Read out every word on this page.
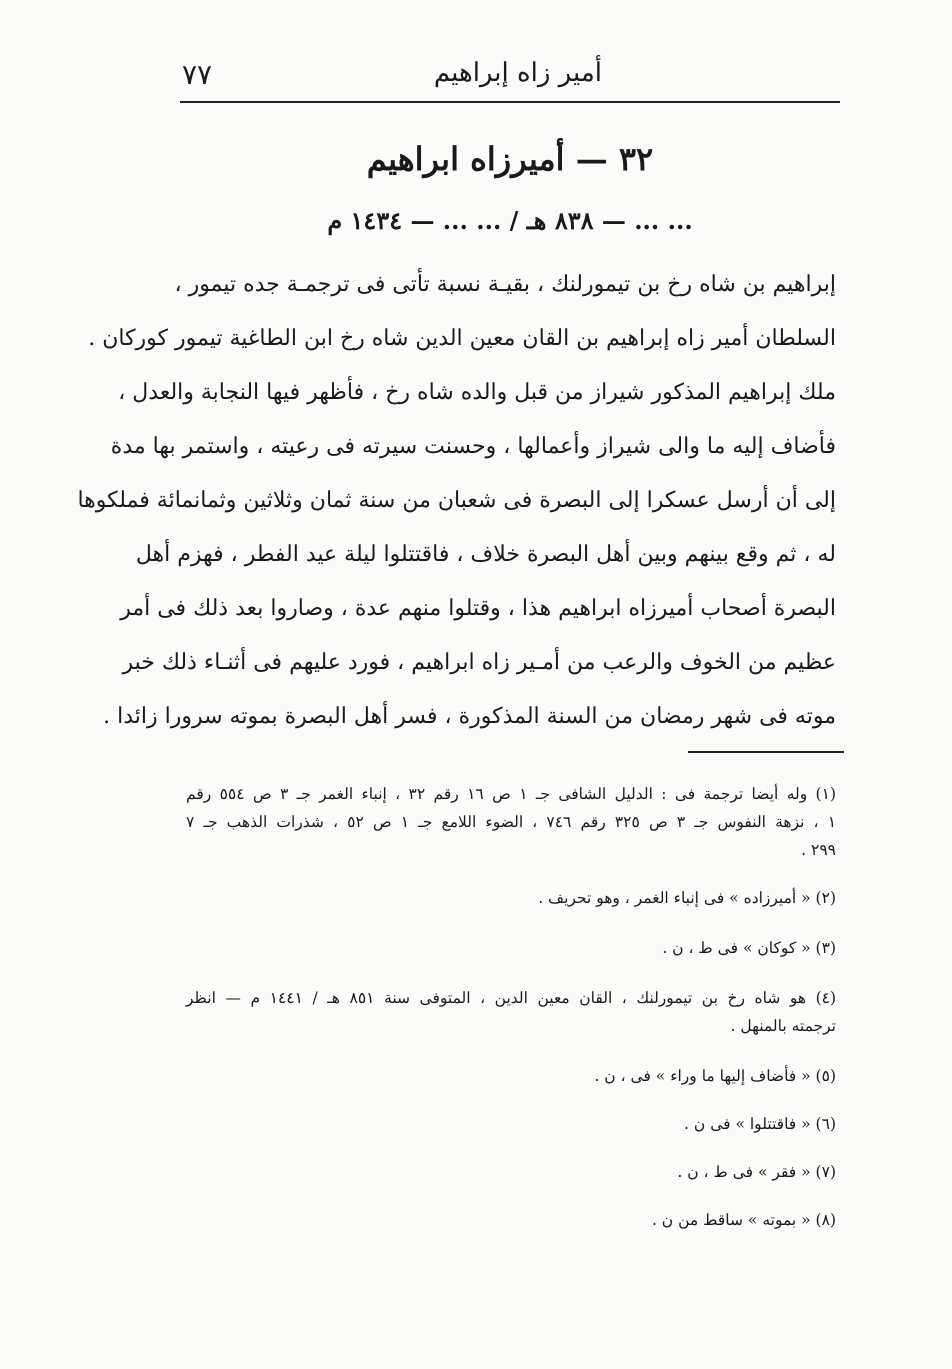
أمير زاه إبراهيم
٧٧
٣٢ — أميرزاه ابراهيم
... ... — ٨٣٨ هـ / ... ... — ١٤٣٤ م
إبراهيم بن شاه رخ بن تيمورلنك ، بقيـة نسبة تأتى فى ترجمـة جده تيمور ،
السلطان أمير زاه إبراهيم بن القان معين الدين شاه رخ ابن الطاغية تيمور كوركان .
ملك إبراهيم المذكور شيراز من قبل والده شاه رخ ، فأظهر فيها النجابة والعدل ،
فأضاف إليه ما والى شيراز وأعمالها ، وحسنت سيرته فى رعيته ، واستمر بها مدة
إلى أن أرسل عسكرا إلى البصرة فى شعبان من سنة ثمان وثلاثين وثمانمائة فملكوها
له ، ثم وقع بينهم وبين أهل البصرة خلاف ، فاقتتلوا ليلة عيد الفطر ، فهزم أهل
البصرة أصحاب أميرزاه ابراهيم هذا ، وقتلوا منهم عدة ، وصاروا بعد ذلك فى أمر
عظيم من الخوف والرعب من أمـير زاه ابراهيم ، فورد عليهم فى أثنـاء ذلك خبر
موته فى شهر رمضان من السنة المذكورة ، فسر أهل البصرة بموته سرورا زائدا .
(١) وله أيضا ترجمة فى : الدليل الشافى جـ ١ ص ١٦ رقم ٣٢ ، إنباء الغمر جـ ٣ ص ٥٥٤ رقم
١ ، نزهة النفوس جـ ٣ ص ٣٢٥ رقم ٧٤٦ ، الضوء اللامع جـ ١ ص ٥٢ ، شذرات الذهب جـ ٧
٢٩٩ .
(٢) « أميرزاده » فى إنباء الغمر ، وهو تحريف .
(٣) « كوكان » فى ط ، ن .
(٤) هو شاه رخ بن تيمورلنك ، القان معين الدين ، المتوفى سنة ٨٥١ هـ / ١٤٤١ م — انظر
ترجمته بالمنهل .
(٥) « فأضاف إليها ما وراء » فى ، ن .
(٦) « فاقتتلوا » فى ن .
(٧) « فقر » فى ط ، ن .
(٨) « بموته » ساقط من ن .
